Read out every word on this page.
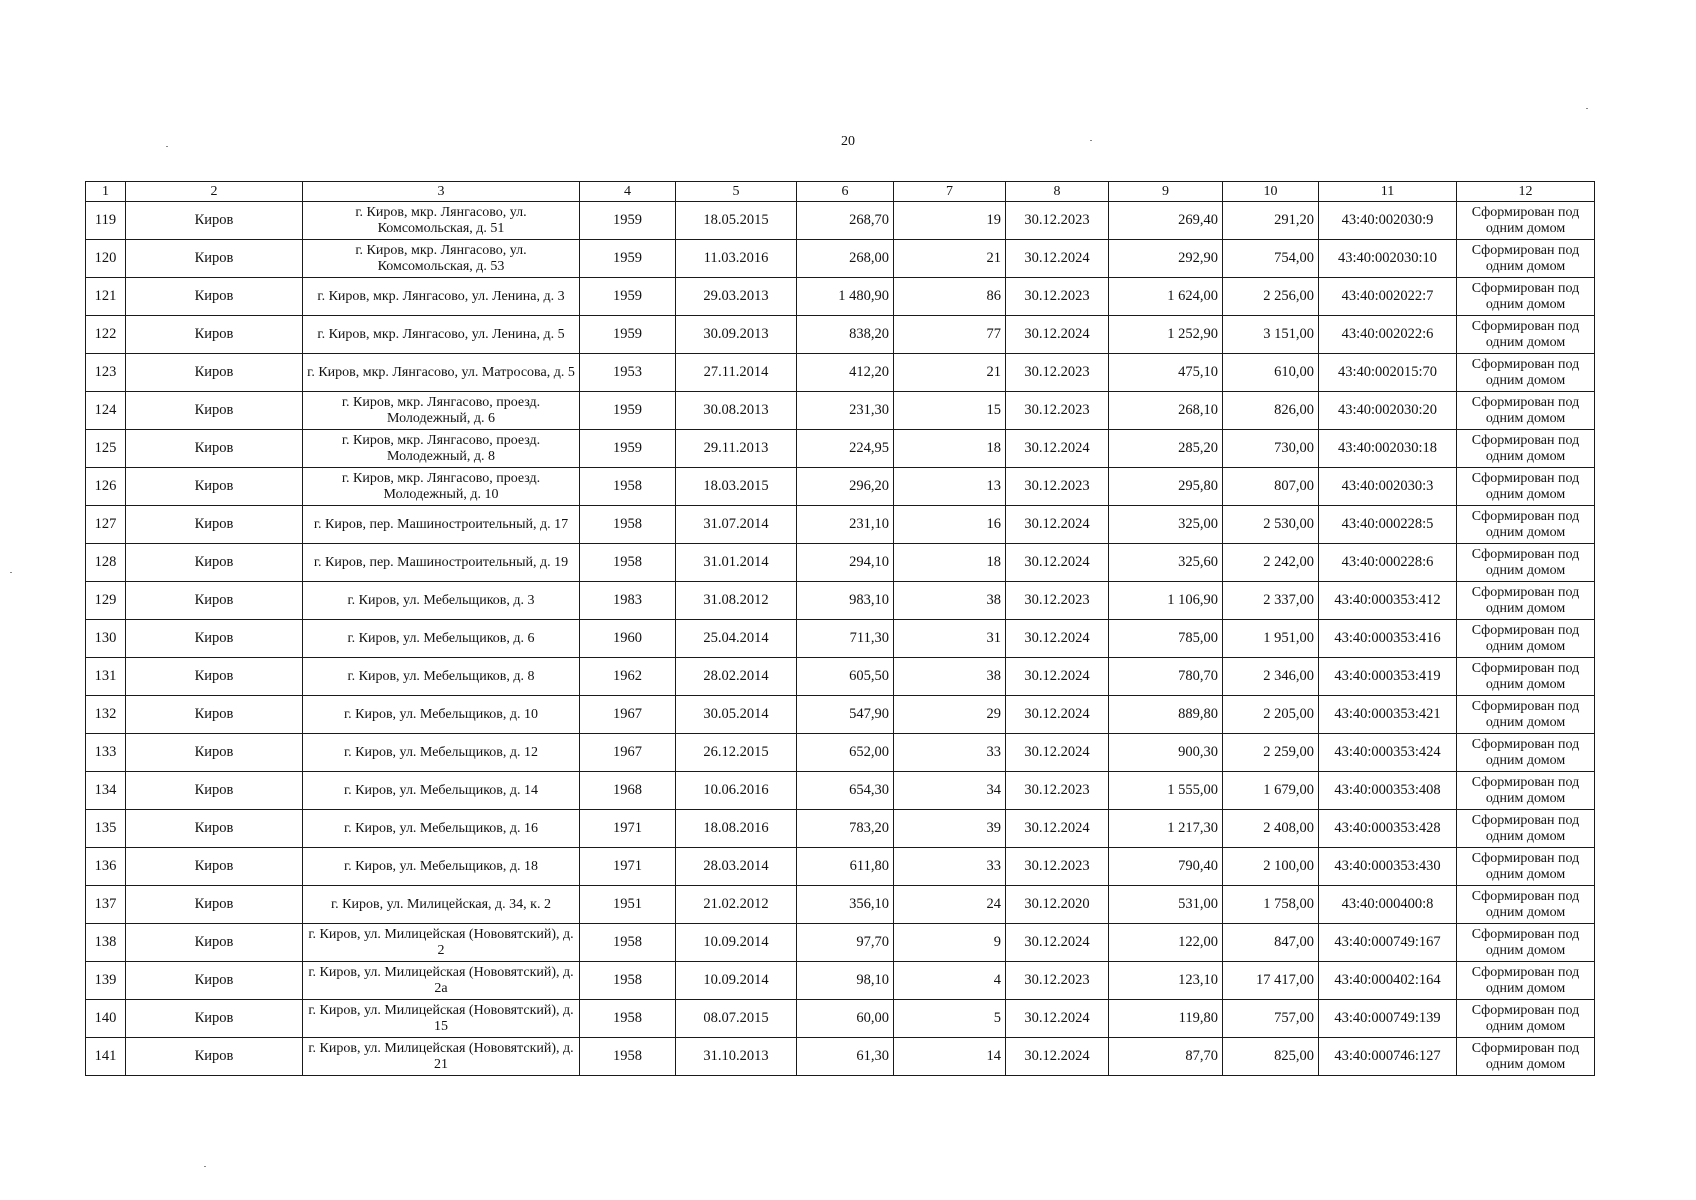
20
1	2	3	4	5	6	7	8	9	10	11	12
119	Киров	г. Киров, мкр. Лянгасово, ул. Комсомольская, д. 51	1959	18.05.2015	268,70	19	30.12.2023	269,40	291,20	43:40:002030:9	Сформирован под одним домом
120	Киров	г. Киров, мкр. Лянгасово, ул. Комсомольская, д. 53	1959	11.03.2016	268,00	21	30.12.2024	292,90	754,00	43:40:002030:10	Сформирован под одним домом
121	Киров	г. Киров, мкр. Лянгасово, ул. Ленина, д. 3	1959	29.03.2013	1 480,90	86	30.12.2023	1 624,00	2 256,00	43:40:002022:7	Сформирован под одним домом
122	Киров	г. Киров, мкр. Лянгасово, ул. Ленина, д. 5	1959	30.09.2013	838,20	77	30.12.2024	1 252,90	3 151,00	43:40:002022:6	Сформирован под одним домом
123	Киров	г. Киров, мкр. Лянгасово, ул. Матросова, д. 5	1953	27.11.2014	412,20	21	30.12.2023	475,10	610,00	43:40:002015:70	Сформирован под одним домом
124	Киров	г. Киров, мкр. Лянгасово, проезд. Молодежный, д. 6	1959	30.08.2013	231,30	15	30.12.2023	268,10	826,00	43:40:002030:20	Сформирован под одним домом
125	Киров	г. Киров, мкр. Лянгасово, проезд. Молодежный, д. 8	1959	29.11.2013	224,95	18	30.12.2024	285,20	730,00	43:40:002030:18	Сформирован под одним домом
126	Киров	г. Киров, мкр. Лянгасово, проезд. Молодежный, д. 10	1958	18.03.2015	296,20	13	30.12.2023	295,80	807,00	43:40:002030:3	Сформирован под одним домом
127	Киров	г. Киров, пер. Машиностроительный, д. 17	1958	31.07.2014	231,10	16	30.12.2024	325,00	2 530,00	43:40:000228:5	Сформирован под одним домом
128	Киров	г. Киров, пер. Машиностроительный, д. 19	1958	31.01.2014	294,10	18	30.12.2024	325,60	2 242,00	43:40:000228:6	Сформирован под одним домом
129	Киров	г. Киров, ул. Мебельщиков, д. 3	1983	31.08.2012	983,10	38	30.12.2023	1 106,90	2 337,00	43:40:000353:412	Сформирован под одним домом
130	Киров	г. Киров, ул. Мебельщиков, д. 6	1960	25.04.2014	711,30	31	30.12.2024	785,00	1 951,00	43:40:000353:416	Сформирован под одним домом
131	Киров	г. Киров, ул. Мебельщиков, д. 8	1962	28.02.2014	605,50	38	30.12.2024	780,70	2 346,00	43:40:000353:419	Сформирован под одним домом
132	Киров	г. Киров, ул. Мебельщиков, д. 10	1967	30.05.2014	547,90	29	30.12.2024	889,80	2 205,00	43:40:000353:421	Сформирован под одним домом
133	Киров	г. Киров, ул. Мебельщиков, д. 12	1967	26.12.2015	652,00	33	30.12.2024	900,30	2 259,00	43:40:000353:424	Сформирован под одним домом
134	Киров	г. Киров, ул. Мебельщиков, д. 14	1968	10.06.2016	654,30	34	30.12.2023	1 555,00	1 679,00	43:40:000353:408	Сформирован под одним домом
135	Киров	г. Киров, ул. Мебельщиков, д. 16	1971	18.08.2016	783,20	39	30.12.2024	1 217,30	2 408,00	43:40:000353:428	Сформирован под одним домом
136	Киров	г. Киров, ул. Мебельщиков, д. 18	1971	28.03.2014	611,80	33	30.12.2023	790,40	2 100,00	43:40:000353:430	Сформирован под одним домом
137	Киров	г. Киров, ул. Милицейская, д. 34, к. 2	1951	21.02.2012	356,10	24	30.12.2020	531,00	1 758,00	43:40:000400:8	Сформирован под одним домом
138	Киров	г. Киров, ул. Милицейская (Нововятский), д. 2	1958	10.09.2014	97,70	9	30.12.2024	122,00	847,00	43:40:000749:167	Сформирован под одним домом
139	Киров	г. Киров, ул. Милицейская (Нововятский), д. 2а	1958	10.09.2014	98,10	4	30.12.2023	123,10	17 417,00	43:40:000402:164	Сформирован под одним домом
140	Киров	г. Киров, ул. Милицейская (Нововятский), д. 15	1958	08.07.2015	60,00	5	30.12.2024	119,80	757,00	43:40:000749:139	Сформирован под одним домом
141	Киров	г. Киров, ул. Милицейская (Нововятский), д. 21	1958	31.10.2013	61,30	14	30.12.2024	87,70	825,00	43:40:000746:127	Сформирован под одним домом
